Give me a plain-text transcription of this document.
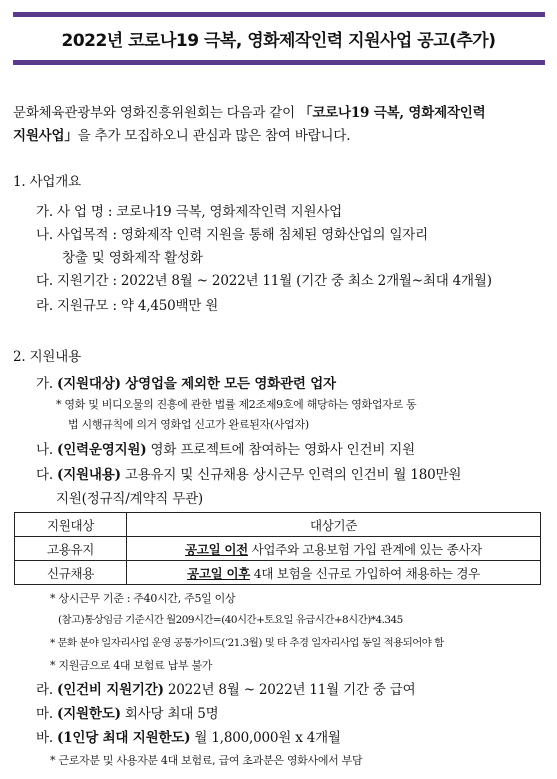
2022년 코로나19 극복, 영화제작인력 지원사업 공고(추가)
문화체육관광부와 영화진흥위원회는 다음과 같이 「코로나19 극복, 영화제작인력
지원사업」을 추가 모집하오니 관심과 많은 참여 바랍니다.
1. 사업개요
가. 사 업 명 : 코로나19 극복, 영화제작인력 지원사업
나. 사업목적 : 영화제작 인력 지원을 통해 침체된 영화산업의 일자리
창출 및 영화제작 활성화
다. 지원기간 : 2022년 8월 ~ 2022년 11월 (기간 중 최소 2개월~최대 4개월)
라. 지원규모 : 약 4,450백만 원
2. 지원내용
가. (지원대상) 상영업을 제외한 모든 영화관련 업자
* 영화 및 비디오물의 진흥에 관한 법률 제2조제9호에 해당하는 영화업자로 동
법 시행규칙에 의거 영화업 신고가 완료된자(사업자)
나. (인력운영지원) 영화 프로젝트에 참여하는 영화사 인건비 지원
다. (지원내용) 고용유지 및 신규채용 상시근무 인력의 인건비 월 180만원
지원(정규직/계약직 무관)
지원대상	대상기준
고용유지	공고일 이전 사업주와 고용보험 가입 관계에 있는 종사자
신규채용	공고일 이후 4대 보험을 신규로 가입하여 채용하는 경우
* 상시근무 기준 : 주40시간, 주5일 이상
(참고)통상임금 기준시간 월209시간=(40시간+토요일 유급시간+8시간)*4.345
* 문화 분야 일자리사업 운영 공통가이드(‘21.3월) 및 타 추경 일자리사업 동일 적용되어야 함
* 지원금으로 4대 보험료 납부 불가
라. (인건비 지원기간) 2022년 8월 ~ 2022년 11월 기간 중 급여
마. (지원한도) 회사당 최대 5명
바. (1인당 최대 지원한도) 월 1,800,000원 x 4개월
* 근로자분 및 사용자분 4대 보험료, 급여 초과분은 영화사에서 부담
